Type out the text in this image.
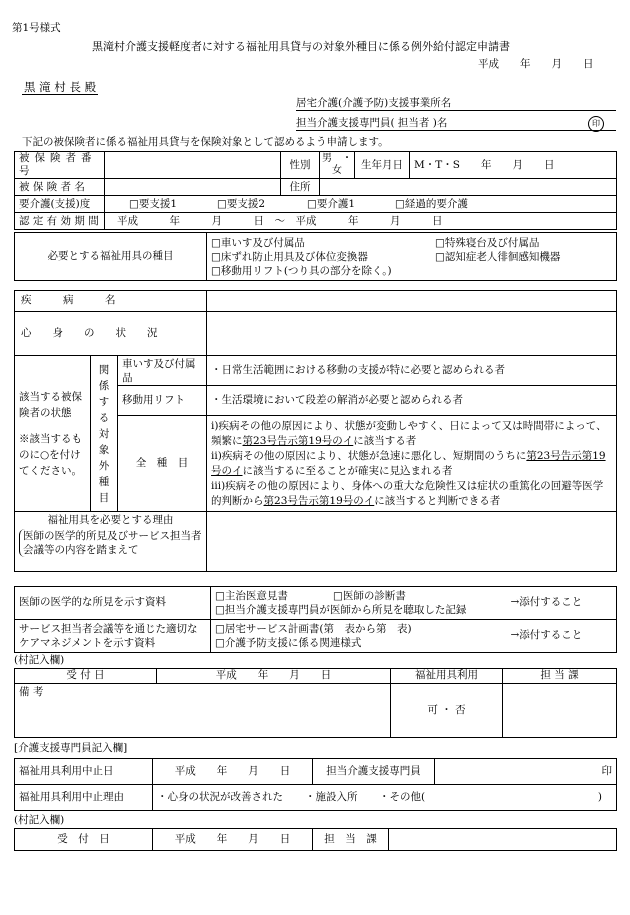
第1号様式
黒滝村介護支援軽度者に対する福祉用具貸与の対象外種目に係る例外給付認定申請書
平成　　年　　月　　日
黒 滝 村 長 殿
居宅介護(介護予防)支援事業所名
担当介護支援専門員( 担当者 )名	印
下記の被保険者に係る福祉用具貸与を保険対象として認めるよう申請します。
被保険者番号		性別	男　・　女	生年月日	M・T・S　　年　　月　　日
被 保 険 者 名		住所			
要介護(支援)度	□要支援1 □要支援2 □要介護1 □経過的要介護				
認 定 有 効 期 間	平成　　　年　　　月　　　日　～　平成　　　年　　　月　　　日				
必要とする福祉用具の種目	
□車いす及び付属品	□特殊寝台及び付属品
□床ずれ防止用具及び体位変換器	□認知症老人徘徊感知機器
□移動用リフト(つり具の部分を除く。)
疾　　　病　　　名			
心　　身　　の　　状　　況			

該当する被保険者の状態
※該当するものに○を付けてください。	関係する対象外種目	車いす及び付属品	・日常生活範囲における移動の支援が特に必要と認められる者
		移動用リフト	・生活環境において段差の解消が必要と認められる者
		全　種　目	i)疾病その他の原因により、状態が変動しやすく、日によって又は時間帯によって、頻繁に第23号告示第19号のイに該当する者
ii)疾病その他の原因により、状態が急速に悪化し、短期間のうちに第23号告示第19号のイに該当するに至ることが確実に見込まれる者
iii)疾病その他の原因により、身体への重大な危険性又は症状の重篤化の回避等医学的判断から第23号告示第19号のイに該当すると判断できる者

福祉用具を必要とする理由
医師の医学的所見及びサービス担当者会議等の内容を踏まえて			

医師の医学的な所見を示す資料	□主治医意見書 □医師の診断書
□担当介護支援専門員が医師から所見を聴取した記録	→添付すること
サービス担当者会議等を通じた適切なケアマネジメントを示す資料	□居宅サービス計画書(第　表から第　表)
□介護予防支援に係る関連様式	→添付すること
(村記入欄)
受 付 日	平成　　年　　月　　日	福祉用具利用	担 当 課
備 考		可 ・ 否	
[介護支援専門員記入欄]
福祉用具利用中止日	平成　　年　　月　　日	担当介護支援専門員	印
福祉用具利用中止理由	・心身の状況が改善された ・施設入所 ・その他( )		
(村記入欄)
受　付　日	平成　　年　　月　　日	担　当　課	
